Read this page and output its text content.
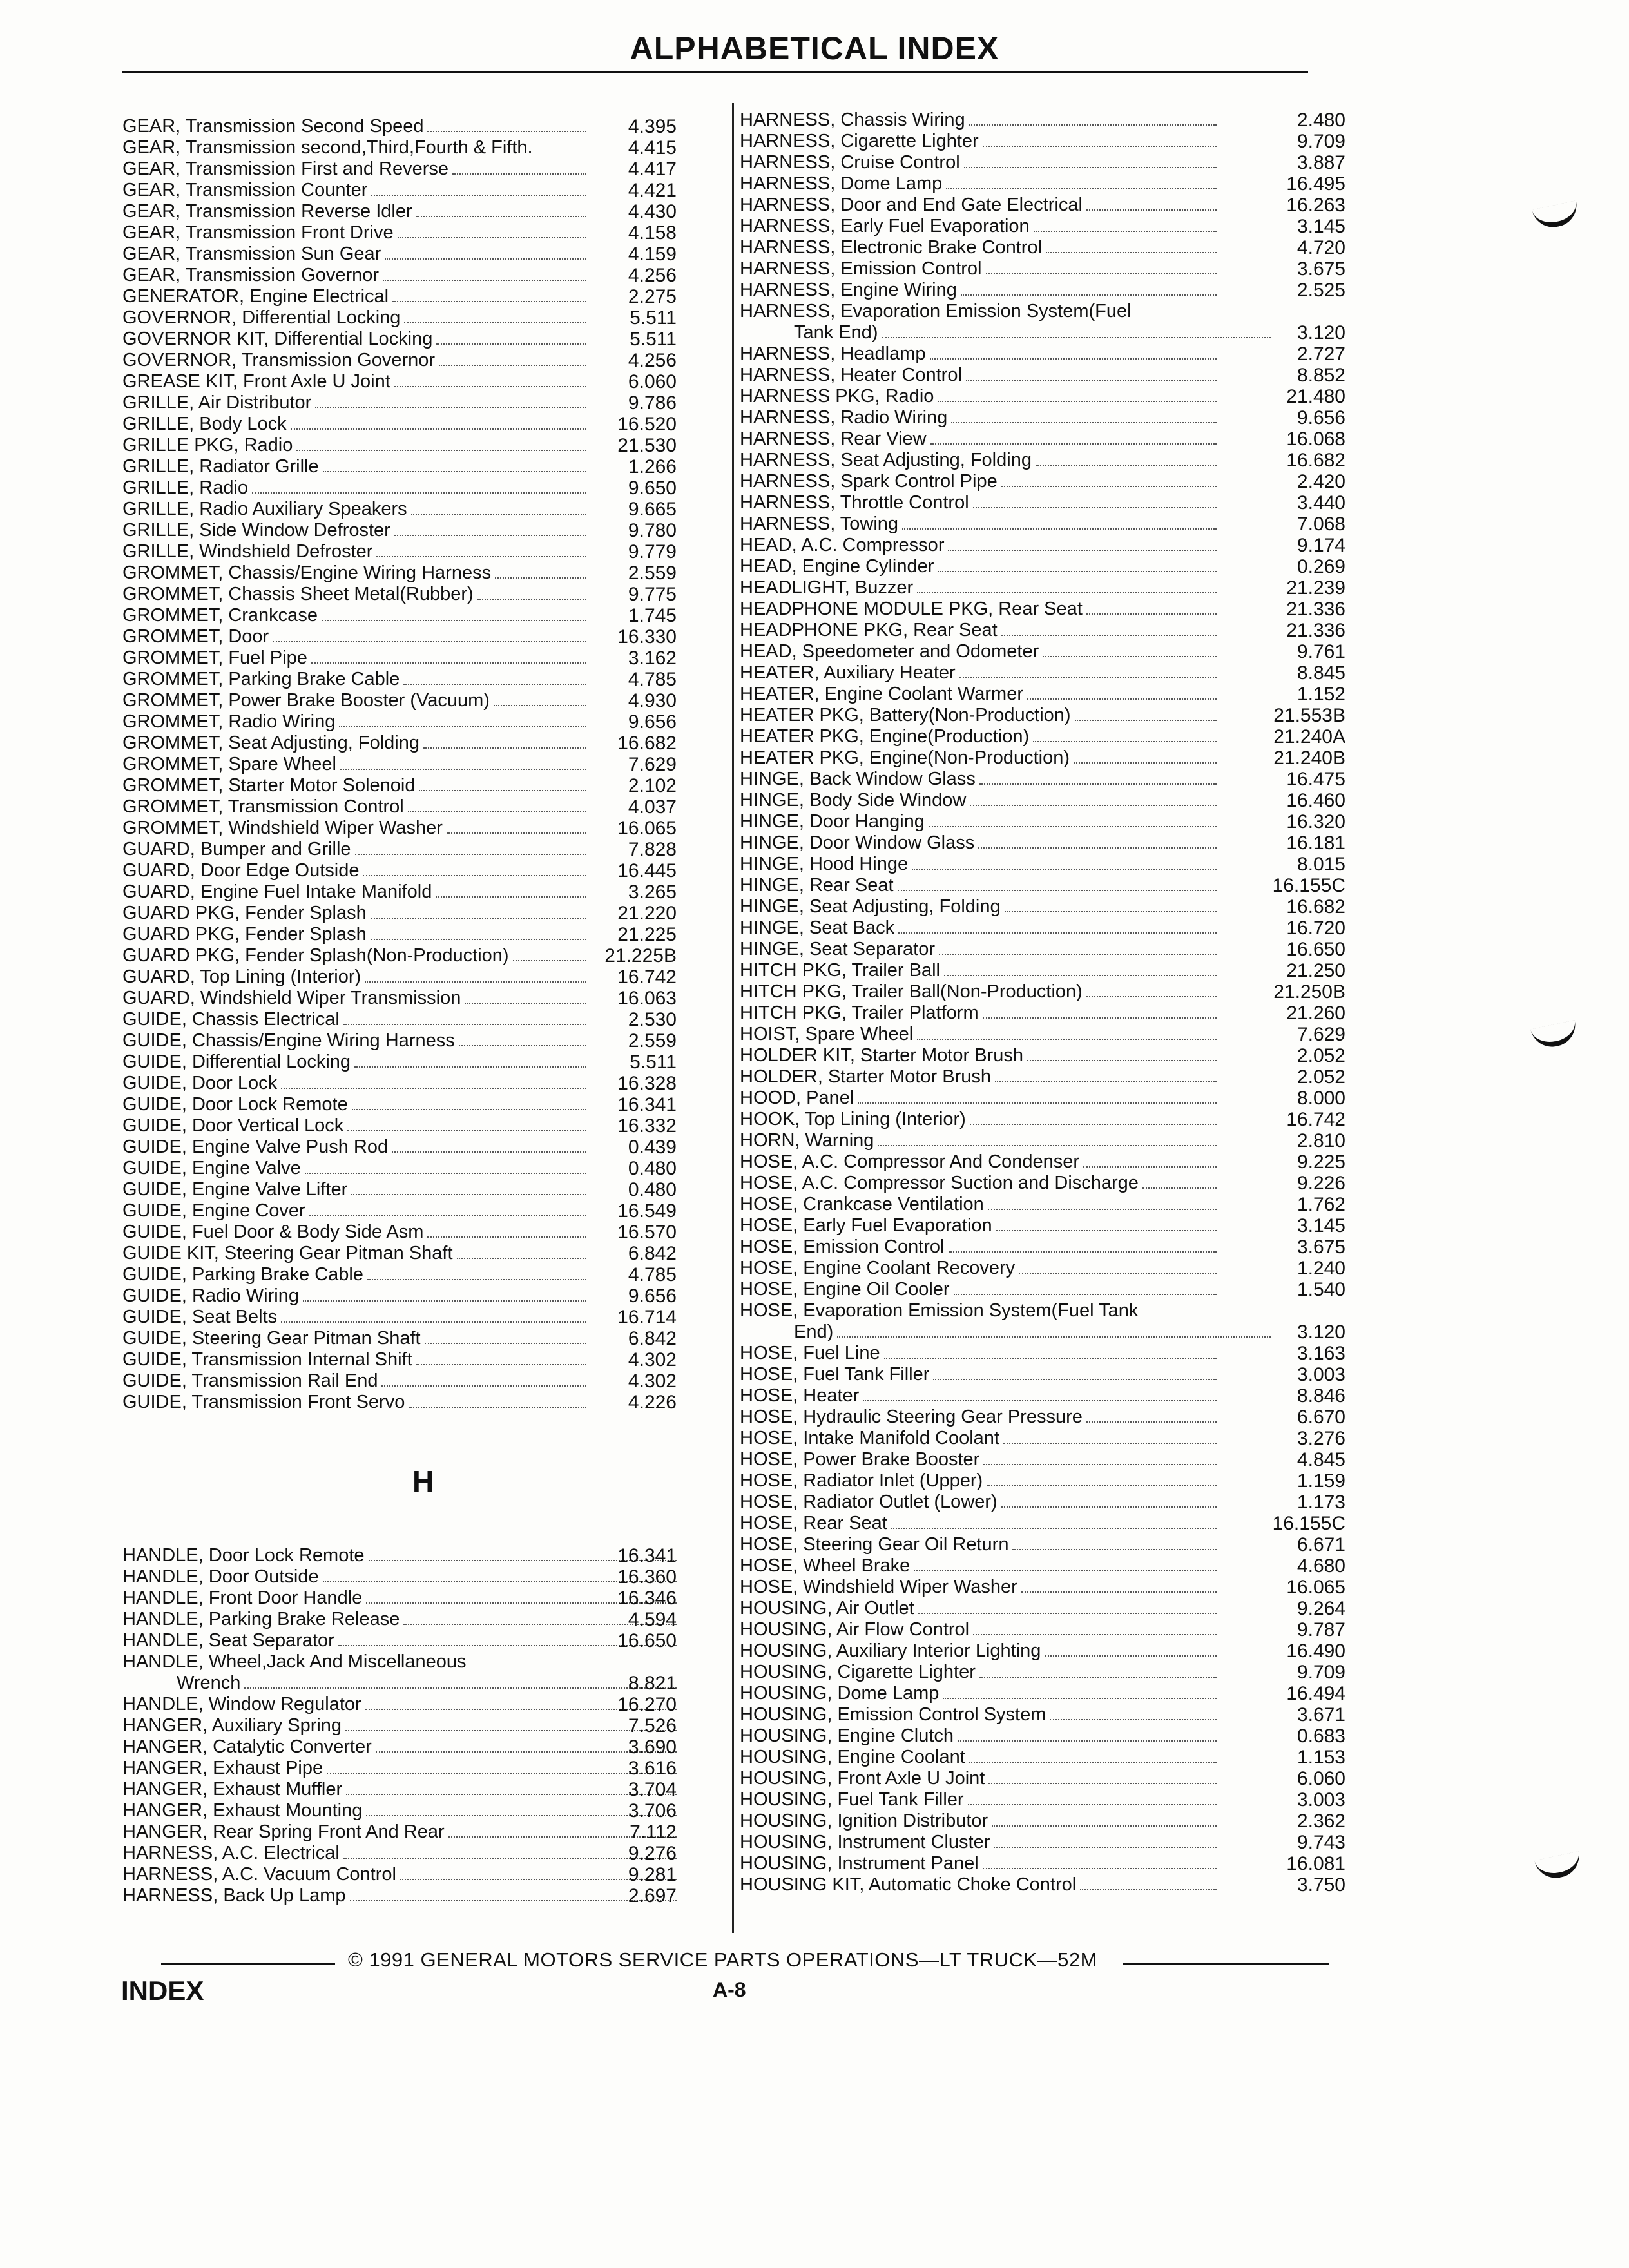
ALPHABETICAL INDEX
GEAR, Transmission Second Speed	4.395
GEAR, Transmission second,Third,Fourth & Fifth.	4.415
GEAR, Transmission First and Reverse	4.417
GEAR, Transmission Counter	4.421
GEAR, Transmission Reverse Idler	4.430
GEAR, Transmission Front Drive	4.158
GEAR, Transmission Sun Gear	4.159
GEAR, Transmission Governor	4.256
GENERATOR, Engine Electrical	2.275
GOVERNOR, Differential Locking	5.511
GOVERNOR KIT, Differential Locking	5.511
GOVERNOR, Transmission Governor	4.256
GREASE KIT, Front Axle U Joint	6.060
GRILLE, Air Distributor	9.786
GRILLE, Body Lock	16.520
GRILLE PKG, Radio	21.530
GRILLE, Radiator Grille	1.266
GRILLE, Radio	9.650
GRILLE, Radio Auxiliary Speakers	9.665
GRILLE, Side Window Defroster	9.780
GRILLE, Windshield Defroster	9.779
GROMMET, Chassis/Engine Wiring Harness	2.559
GROMMET, Chassis Sheet Metal(Rubber)	9.775
GROMMET, Crankcase	1.745
GROMMET, Door	16.330
GROMMET, Fuel Pipe	3.162
GROMMET, Parking Brake Cable	4.785
GROMMET, Power Brake Booster (Vacuum)	4.930
GROMMET, Radio Wiring	9.656
GROMMET, Seat Adjusting, Folding	16.682
GROMMET, Spare Wheel	7.629
GROMMET, Starter Motor Solenoid	2.102
GROMMET, Transmission Control	4.037
GROMMET, Windshield Wiper Washer	16.065
GUARD, Bumper and Grille	7.828
GUARD, Door Edge Outside	16.445
GUARD, Engine Fuel Intake Manifold	3.265
GUARD PKG, Fender Splash	21.220
GUARD PKG, Fender Splash	21.225
GUARD PKG, Fender Splash(Non-Production)	21.225B
GUARD, Top Lining (Interior)	16.742
GUARD, Windshield Wiper Transmission	16.063
GUIDE, Chassis Electrical	2.530
GUIDE, Chassis/Engine Wiring Harness	2.559
GUIDE, Differential Locking	5.511
GUIDE, Door Lock	16.328
GUIDE, Door Lock Remote	16.341
GUIDE, Door Vertical Lock	16.332
GUIDE, Engine Valve Push Rod	0.439
GUIDE, Engine Valve	0.480
GUIDE, Engine Valve Lifter	0.480
GUIDE, Engine Cover	16.549
GUIDE, Fuel Door & Body Side Asm	16.570
GUIDE KIT, Steering Gear Pitman Shaft	6.842
GUIDE, Parking Brake Cable	4.785
GUIDE, Radio Wiring	9.656
GUIDE, Seat Belts	16.714
GUIDE, Steering Gear Pitman Shaft	6.842
GUIDE, Transmission Internal Shift	4.302
GUIDE, Transmission Rail End	4.302
GUIDE, Transmission Front Servo	4.226
H
HANDLE, Door Lock Remote	16.341
HANDLE, Door Outside	16.360
HANDLE, Front Door Handle	16.346
HANDLE, Parking Brake Release	4.594
HANDLE, Seat Separator	16.650
HANDLE, Wheel,Jack And Miscellaneous
Wrench	8.821
HANDLE, Window Regulator	16.270
HANGER, Auxiliary Spring	7.526
HANGER, Catalytic Converter	3.690
HANGER, Exhaust Pipe	3.616
HANGER, Exhaust Muffler	3.704
HANGER, Exhaust Mounting	3.706
HANGER, Rear Spring Front And Rear	7.112
HARNESS, A.C. Electrical	9.276
HARNESS, A.C. Vacuum Control	9.281
HARNESS, Back Up Lamp	2.697
HARNESS, Chassis Wiring	2.480
HARNESS, Cigarette Lighter	9.709
HARNESS, Cruise Control	3.887
HARNESS, Dome Lamp	16.495
HARNESS, Door and End Gate Electrical	16.263
HARNESS, Early Fuel Evaporation	3.145
HARNESS, Electronic Brake Control	4.720
HARNESS, Emission Control	3.675
HARNESS, Engine Wiring	2.525
HARNESS, Evaporation Emission System(Fuel
Tank End)	3.120
HARNESS, Headlamp	2.727
HARNESS, Heater Control	8.852
HARNESS PKG, Radio	21.480
HARNESS, Radio Wiring	9.656
HARNESS, Rear View	16.068
HARNESS, Seat Adjusting, Folding	16.682
HARNESS, Spark Control Pipe	2.420
HARNESS, Throttle Control	3.440
HARNESS, Towing	7.068
HEAD, A.C. Compressor	9.174
HEAD, Engine Cylinder	0.269
HEADLIGHT, Buzzer	21.239
HEADPHONE MODULE PKG, Rear Seat	21.336
HEADPHONE PKG, Rear Seat	21.336
HEAD, Speedometer and Odometer	9.761
HEATER, Auxiliary Heater	8.845
HEATER, Engine Coolant Warmer	1.152
HEATER PKG, Battery(Non-Production)	21.553B
HEATER PKG, Engine(Production)	21.240A
HEATER PKG, Engine(Non-Production)	21.240B
HINGE, Back Window Glass	16.475
HINGE, Body Side Window	16.460
HINGE, Door Hanging	16.320
HINGE, Door Window Glass	16.181
HINGE, Hood Hinge	8.015
HINGE, Rear Seat	16.155C
HINGE, Seat Adjusting, Folding	16.682
HINGE, Seat Back	16.720
HINGE, Seat Separator	16.650
HITCH PKG, Trailer Ball	21.250
HITCH PKG, Trailer Ball(Non-Production)	21.250B
HITCH PKG, Trailer Platform	21.260
HOIST, Spare Wheel	7.629
HOLDER KIT, Starter Motor Brush	2.052
HOLDER, Starter Motor Brush	2.052
HOOD, Panel	8.000
HOOK, Top Lining (Interior)	16.742
HORN, Warning	2.810
HOSE, A.C. Compressor And Condenser	9.225
HOSE, A.C. Compressor Suction and Discharge	9.226
HOSE, Crankcase Ventilation	1.762
HOSE, Early Fuel Evaporation	3.145
HOSE, Emission Control	3.675
HOSE, Engine Coolant Recovery	1.240
HOSE, Engine Oil Cooler	1.540
HOSE, Evaporation Emission System(Fuel Tank
End)	3.120
HOSE, Fuel Line	3.163
HOSE, Fuel Tank Filler	3.003
HOSE, Heater	8.846
HOSE, Hydraulic Steering Gear Pressure	6.670
HOSE, Intake Manifold Coolant	3.276
HOSE, Power Brake Booster	4.845
HOSE, Radiator Inlet (Upper)	1.159
HOSE, Radiator Outlet (Lower)	1.173
HOSE, Rear Seat	16.155C
HOSE, Steering Gear Oil Return	6.671
HOSE, Wheel Brake	4.680
HOSE, Windshield Wiper Washer	16.065
HOUSING, Air Outlet	9.264
HOUSING, Air Flow Control	9.787
HOUSING, Auxiliary Interior Lighting	16.490
HOUSING, Cigarette Lighter	9.709
HOUSING, Dome Lamp	16.494
HOUSING, Emission Control System	3.671
HOUSING, Engine Clutch	0.683
HOUSING, Engine Coolant	1.153
HOUSING, Front Axle U Joint	6.060
HOUSING, Fuel Tank Filler	3.003
HOUSING, Ignition Distributor	2.362
HOUSING, Instrument Cluster	9.743
HOUSING, Instrument Panel	16.081
HOUSING KIT, Automatic Choke Control	3.750
© 1991 GENERAL MOTORS SERVICE PARTS OPERATIONS—LT TRUCK—52M
INDEX	A-8
